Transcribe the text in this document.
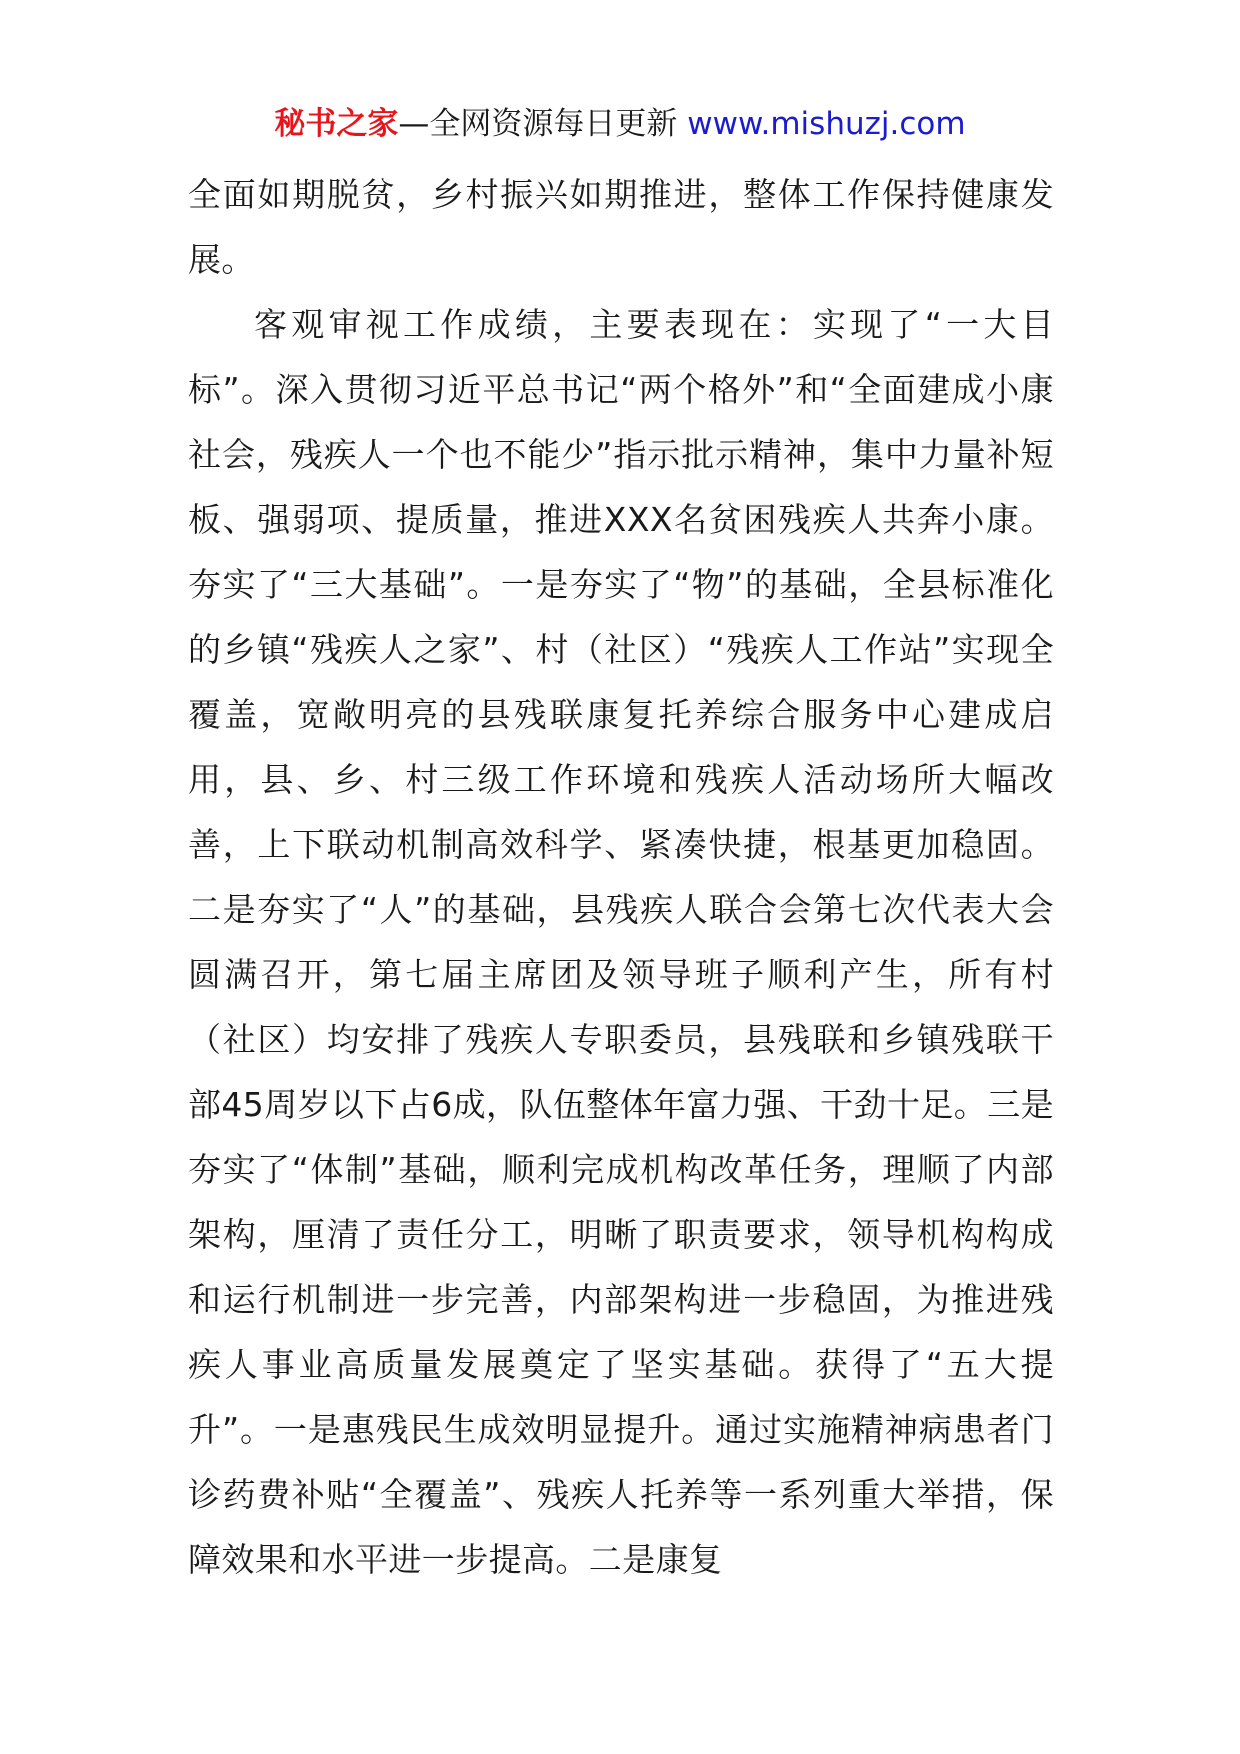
秘书之家—全网资源每日更新 www.mishuzj.com

全面如期脱贫，乡村振兴如期推进，整体工作保持健康发展。

客观审视工作成绩，主要表现在：实现了“一大目标”。深入贯彻习近平总书记“两个格外”和“全面建成小康社会，残疾人一个也不能少”指示批示精神，集中力量补短板、强弱项、提质量，推进XXX名贫困残疾人共奔小康。夯实了“三大基础”。一是夯实了“物”的基础，全县标准化的乡镇“残疾人之家”、村（社区）“残疾人工作站”实现全覆盖，宽敞明亮的县残联康复托养综合服务中心建成启用，县、乡、村三级工作环境和残疾人活动场所大幅改善，上下联动机制高效科学、紧凑快捷，根基更加稳固。二是夯实了“人”的基础，县残疾人联合会第七次代表大会圆满召开，第七届主席团及领导班子顺利产生，所有村（社区）均安排了残疾人专职委员，县残联和乡镇残联干部45周岁以下占6成，队伍整体年富力强、干劲十足。三是夯实了“体制”基础，顺利完成机构改革任务，理顺了内部架构，厘清了责任分工，明晰了职责要求，领导机构构成和运行机制进一步完善，内部架构进一步稳固，为推进残疾人事业高质量发展奠定了坚实基础。获得了“五大提升”。一是惠残民生成效明显提升。通过实施精神病患者门诊药费补贴“全覆盖”、残疾人托养等一系列重大举措，保障效果和水平进一步提高。二是康复
